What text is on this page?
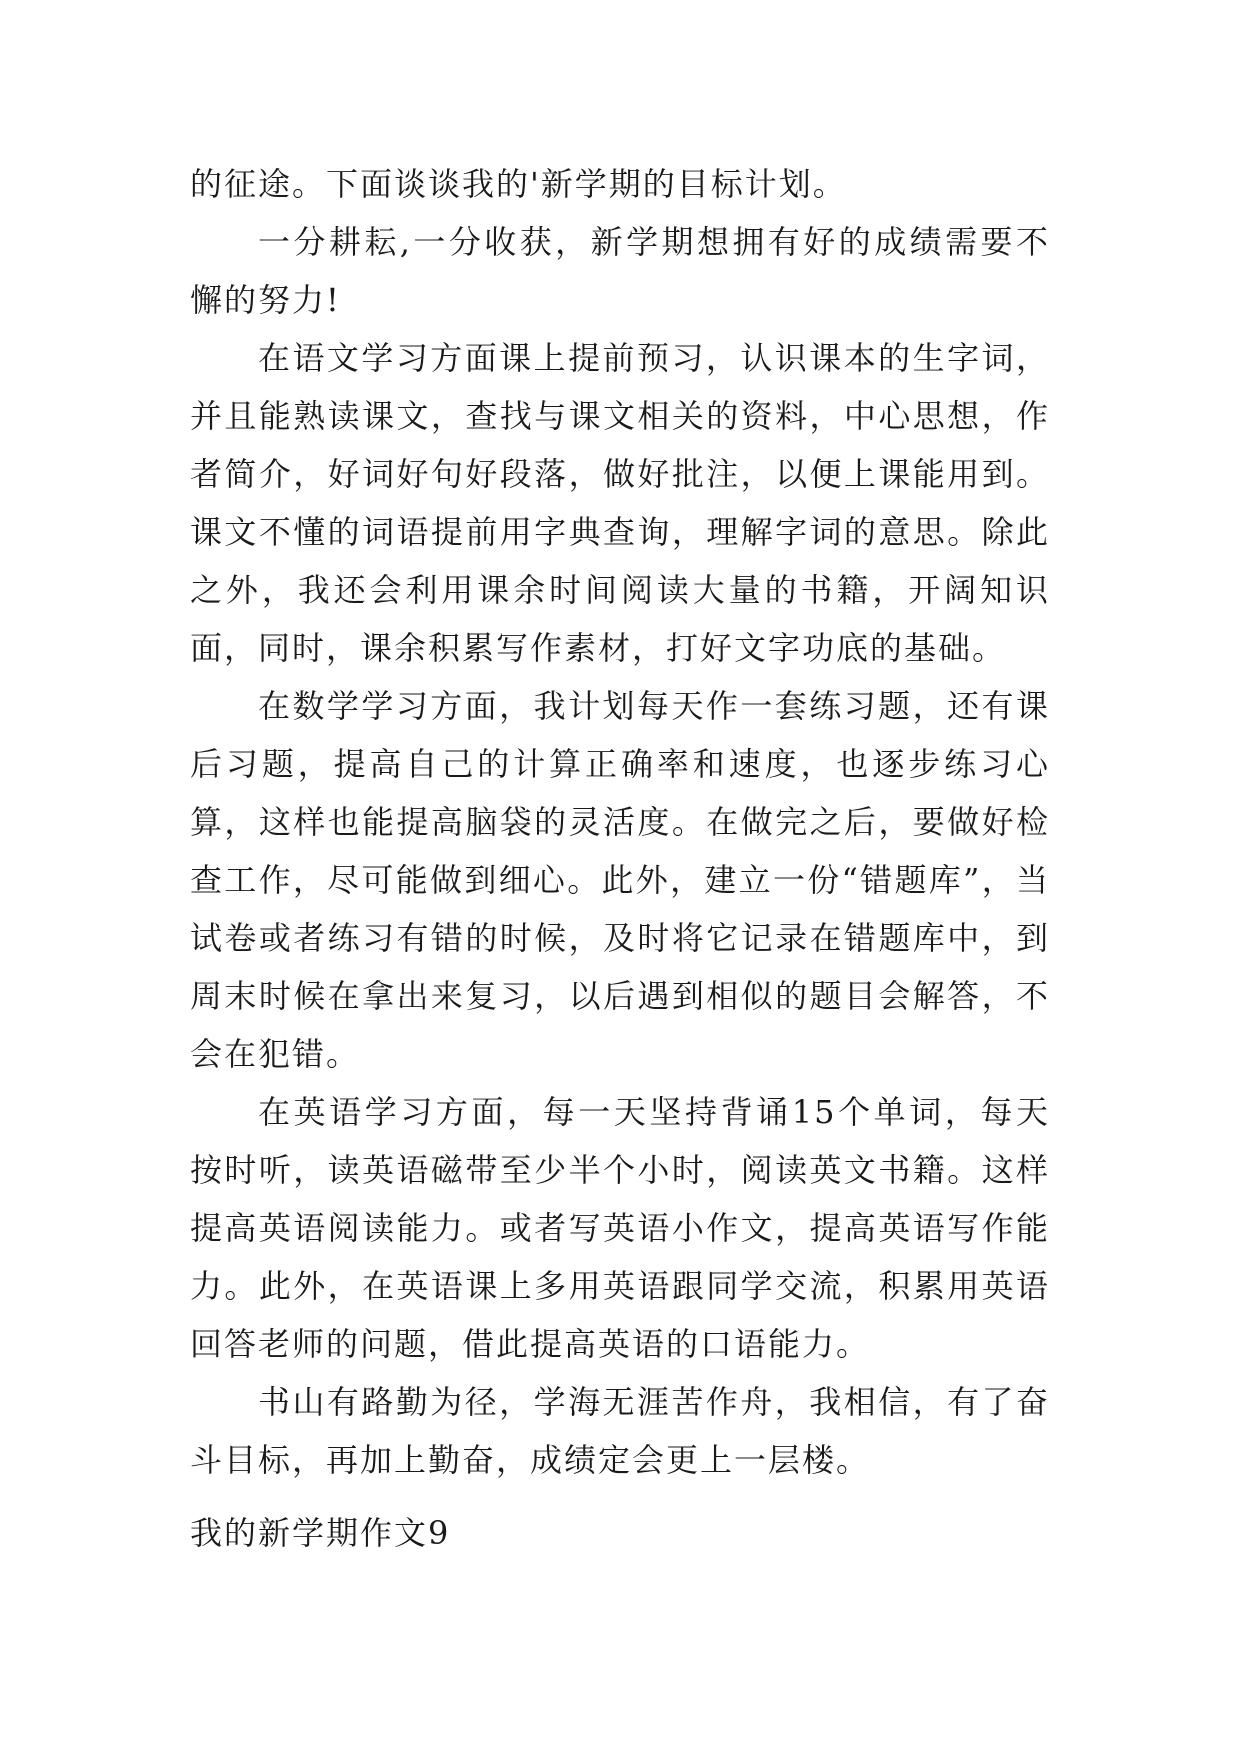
的征途。下面谈谈我的'新学期的目标计划。

一分耕耘,一分收获，新学期想拥有好的成绩需要不懈的努力!

在语文学习方面课上提前预习，认识课本的生字词，并且能熟读课文，查找与课文相关的资料，中心思想，作者简介，好词好句好段落，做好批注，以便上课能用到。课文不懂的词语提前用字典查询，理解字词的意思。除此之外，我还会利用课余时间阅读大量的书籍，开阔知识面，同时，课余积累写作素材，打好文字功底的基础。

在数学学习方面，我计划每天作一套练习题，还有课后习题，提高自己的计算正确率和速度，也逐步练习心算，这样也能提高脑袋的灵活度。在做完之后，要做好检查工作，尽可能做到细心。此外，建立一份“错题库”，当试卷或者练习有错的时候，及时将它记录在错题库中，到周末时候在拿出来复习，以后遇到相似的题目会解答，不会在犯错。

在英语学习方面，每一天坚持背诵15个单词，每天按时听，读英语磁带至少半个小时，阅读英文书籍。这样提高英语阅读能力。或者写英语小作文，提高英语写作能力。此外，在英语课上多用英语跟同学交流，积累用英语回答老师的问题，借此提高英语的口语能力。

书山有路勤为径，学海无涯苦作舟，我相信，有了奋斗目标，再加上勤奋，成绩定会更上一层楼。

我的新学期作文9
